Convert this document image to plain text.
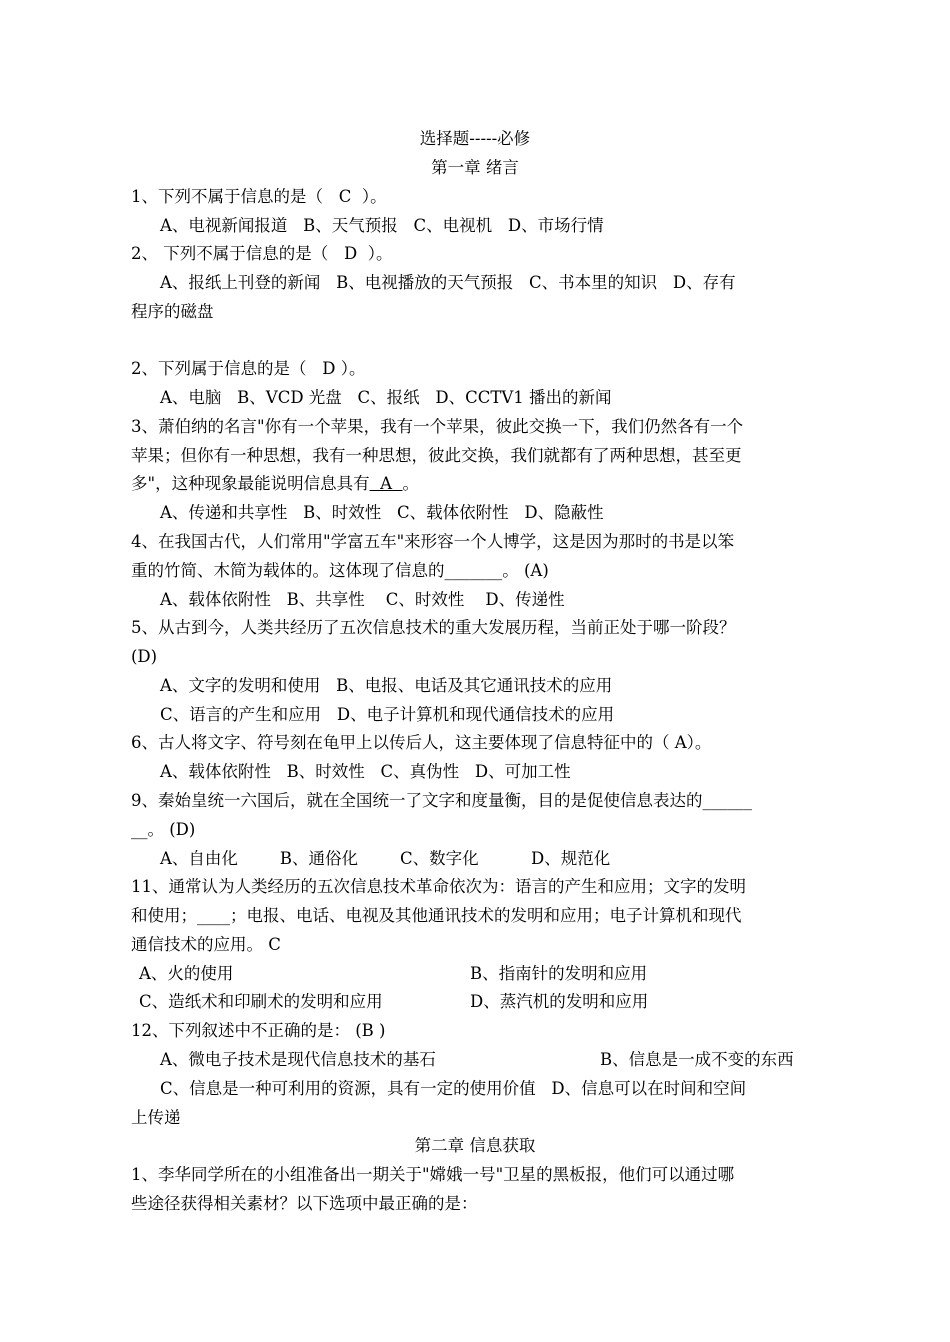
选择题-----必修
第一章 绪言
1、下列不属于信息的是（   C  ）。
A、电视新闻报道   B、天气预报   C、电视机   D、市场行情
2、 下列不属于信息的是（   D  ）。
A、报纸上刊登的新闻   B、电视播放的天气预报   C、书本里的知识   D、存有
程序的磁盘
2、下列属于信息的是（   D ）。
A、电脑   B、VCD 光盘   C、报纸   D、CCTV1 播出的新闻
3、萧伯纳的名言"你有一个苹果，我有一个苹果，彼此交换一下，我们仍然各有一个
苹果；但你有一种思想，我有一种思想，彼此交换，我们就都有了两种思想，甚至更
多"，这种现象最能说明信息具有  A  。
A、传递和共享性   B、时效性   C、载体依附性   D、隐蔽性
4、在我国古代，人们常用"学富五车"来形容一个人博学，这是因为那时的书是以笨
重的竹简、木简为载体的。这体现了信息的_______。 (A)
A、载体依附性   B、共享性    C、时效性    D、传递性
5、从古到今，人类共经历了五次信息技术的重大发展历程，当前正处于哪一阶段？
(D)
A、文字的发明和使用   B、电报、电话及其它通讯技术的应用
C、语言的产生和应用   D、电子计算机和现代通信技术的应用
6、古人将文字、符号刻在龟甲上以传后人，这主要体现了信息特征中的（ A）。
A、载体依附性   B、时效性   C、真伪性   D、可加工性
9、秦始皇统一六国后，就在全国统一了文字和度量衡，目的是促使信息表达的______
__。 (D)
A、自由化        B、通俗化        C、数字化          D、规范化
11、通常认为人类经历的五次信息技术革命依次为：语言的产生和应用；文字的发明
和使用；____；电报、电话、电视及其他通讯技术的发明和应用；电子计算机和现代
通信技术的应用。 C
A、火的使用	B、指南针的发明和应用
C、造纸术和印刷术的发明和应用	D、蒸汽机的发明和应用
12、下列叙述中不正确的是： (B )
A、微电子技术是现代信息技术的基石	B、信息是一成不变的东西
C、信息是一种可利用的资源，具有一定的使用价值   D、信息可以在时间和空间
上传递
第二章 信息获取
1、李华同学所在的小组准备出一期关于"嫦娥一号"卫星的黑板报，他们可以通过哪
些途径获得相关素材？以下选项中最正确的是：
